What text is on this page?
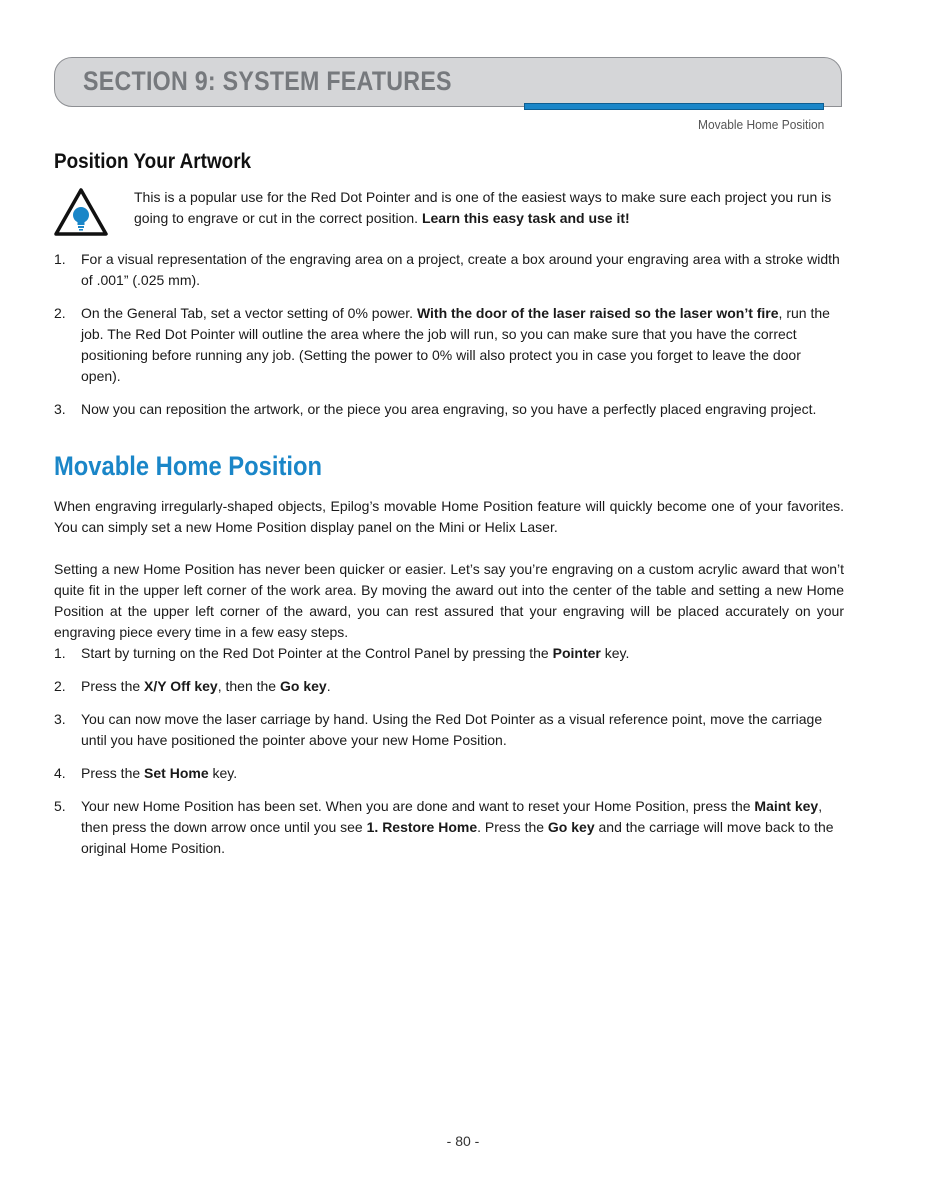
SECTION 9: SYSTEM FEATURES
Movable Home Position
Position Your Artwork
This is a popular use for the Red Dot Pointer and is one of the easiest ways to make sure each project you run is going to engrave or cut in the correct position. Learn this easy task and use it!
1. For a visual representation of the engraving area on a project, create a box around your engraving area with a stroke width of .001” (.025 mm).
2. On the General Tab, set a vector setting of 0% power. With the door of the laser raised so the laser won’t fire, run the job. The Red Dot Pointer will outline the area where the job will run, so you can make sure that you have the correct positioning before running any job. (Setting the power to 0% will also protect you in case you forget to leave the door open).
3. Now you can reposition the artwork, or the piece you area engraving, so you have a perfectly placed engraving project.
Movable Home Position

When engraving irregularly-shaped objects, Epilog’s movable Home Position feature will quickly become one of your favorites. You can simply set a new Home Position display panel on the Mini or Helix Laser.

Setting a new Home Position has never been quicker or easier. Let’s say you’re engraving on a custom acrylic award that won’t quite fit in the upper left corner of the work area. By moving the award out into the center of the table and setting a new Home Position at the upper left corner of the award, you can rest assured that your engraving will be placed accurately on your engraving piece every time in a few easy steps.

1. Start by turning on the Red Dot Pointer at the Control Panel by pressing the Pointer key.
2. Press the X/Y Off key, then the Go key.
3. You can now move the laser carriage by hand. Using the Red Dot Pointer as a visual reference point, move the carriage until you have positioned the pointer above your new Home Position.
4. Press the Set Home key.
5. Your new Home Position has been set. When you are done and want to reset your Home Position, press the Maint key, then press the down arrow once until you see 1. Restore Home. Press the Go key and the carriage will move back to the original Home Position.
- 80 -
